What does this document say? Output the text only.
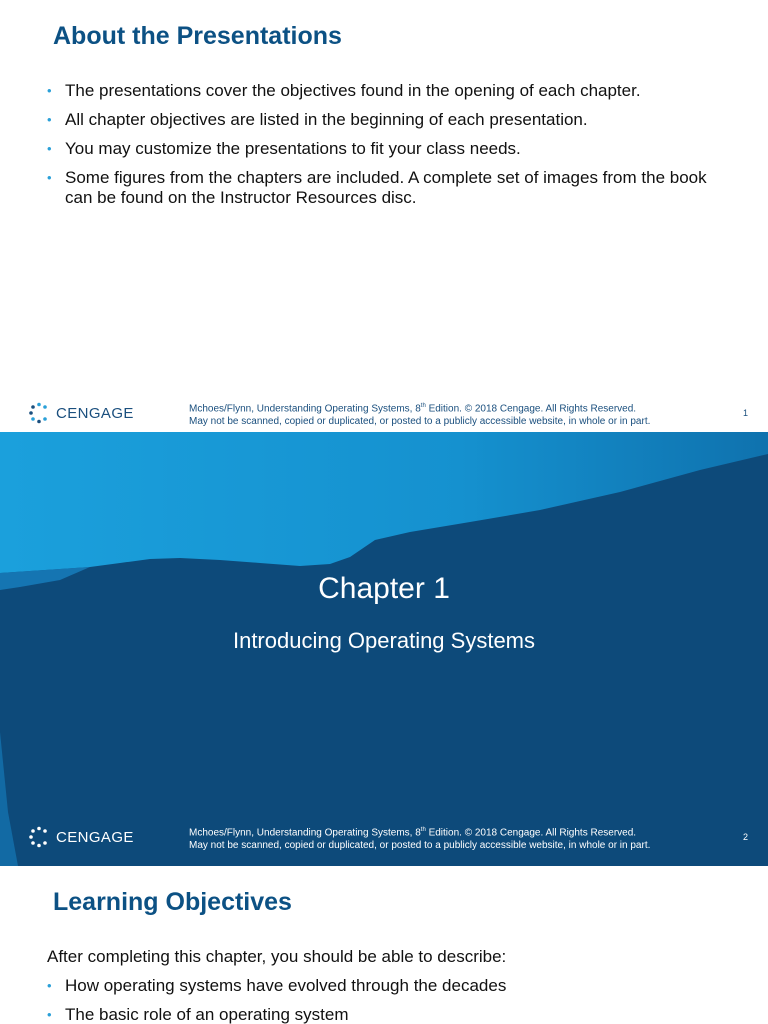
About the Presentations
• The presentations cover the objectives found in the opening of each chapter.
• All chapter objectives are listed in the beginning of each presentation.
• You may customize the presentations to fit your class needs.
• Some figures from the chapters are included. A complete set of images from the book can be found on the Instructor Resources disc.
CENGAGE	Mchoes/Flynn, Understanding Operating Systems, 8th Edition. © 2018 Cengage. All Rights Reserved.
May not be scanned, copied or duplicated, or posted to a publicly accessible website, in whole or in part.
1
Chapter 1
Introducing Operating Systems
CENGAGE	Mchoes/Flynn, Understanding Operating Systems, 8th Edition. © 2018 Cengage. All Rights Reserved.
May not be scanned, copied or duplicated, or posted to a publicly accessible website, in whole or in part.
2
Learning Objectives

After completing this chapter, you should be able to describe:

• How operating systems have evolved through the decades
• The basic role of an operating system
